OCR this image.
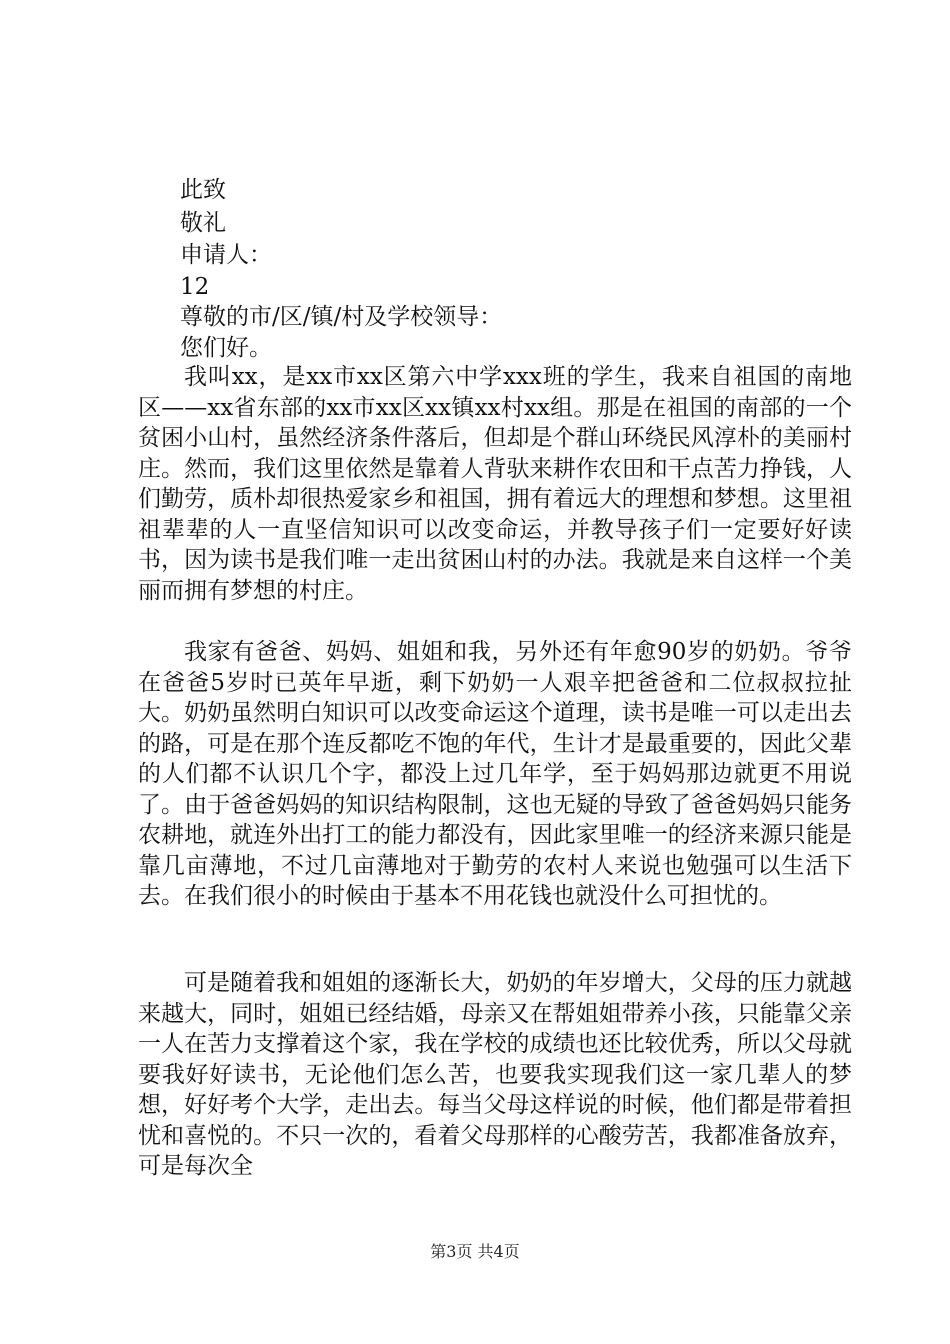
此致
敬礼
申请人：
12
尊敬的市/区/镇/村及学校领导：
您们好。

我叫xx，是xx市xx区第六中学xxx班的学生，我来自祖国的南地区——xx省东部的xx市xx区xx镇xx村xx组。那是在祖国的南部的一个贫困小山村，虽然经济条件落后，但却是个群山环绕民风淳朴的美丽村庄。然而，我们这里依然是靠着人背驮来耕作农田和干点苦力挣钱，人们勤劳，质朴却很热爱家乡和祖国，拥有着远大的理想和梦想。这里祖祖辈辈的人一直坚信知识可以改变命运，并教导孩子们一定要好好读书，因为读书是我们唯一走出贫困山村的办法。我就是来自这样一个美丽而拥有梦想的村庄。

我家有爸爸、妈妈、姐姐和我，另外还有年愈90岁的奶奶。爷爷在爸爸5岁时已英年早逝，剩下奶奶一人艰辛把爸爸和二位叔叔拉扯大。奶奶虽然明白知识可以改变命运这个道理，读书是唯一可以走出去的路，可是在那个连反都吃不饱的年代，生计才是最重要的，因此父辈的人们都不认识几个字，都没上过几年学，至于妈妈那边就更不用说了。由于爸爸妈妈的知识结构限制，这也无疑的导致了爸爸妈妈只能务农耕地，就连外出打工的能力都没有，因此家里唯一的经济来源只能是靠几亩薄地，不过几亩薄地对于勤劳的农村人来说也勉强可以生活下去。在我们很小的时候由于基本不用花钱也就没什么可担忧的。

可是随着我和姐姐的逐渐长大，奶奶的年岁增大，父母的压力就越来越大，同时，姐姐已经结婚，母亲又在帮姐姐带养小孩，只能靠父亲一人在苦力支撑着这个家，我在学校的成绩也还比较优秀，所以父母就要我好好读书，无论他们怎么苦，也要我实现我们这一家几辈人的梦想，好好考个大学，走出去。每当父母这样说的时候，他们都是带着担忧和喜悦的。不只一次的，看着父母那样的心酸劳苦，我都准备放弃，可是每次全

第3页 共4页
